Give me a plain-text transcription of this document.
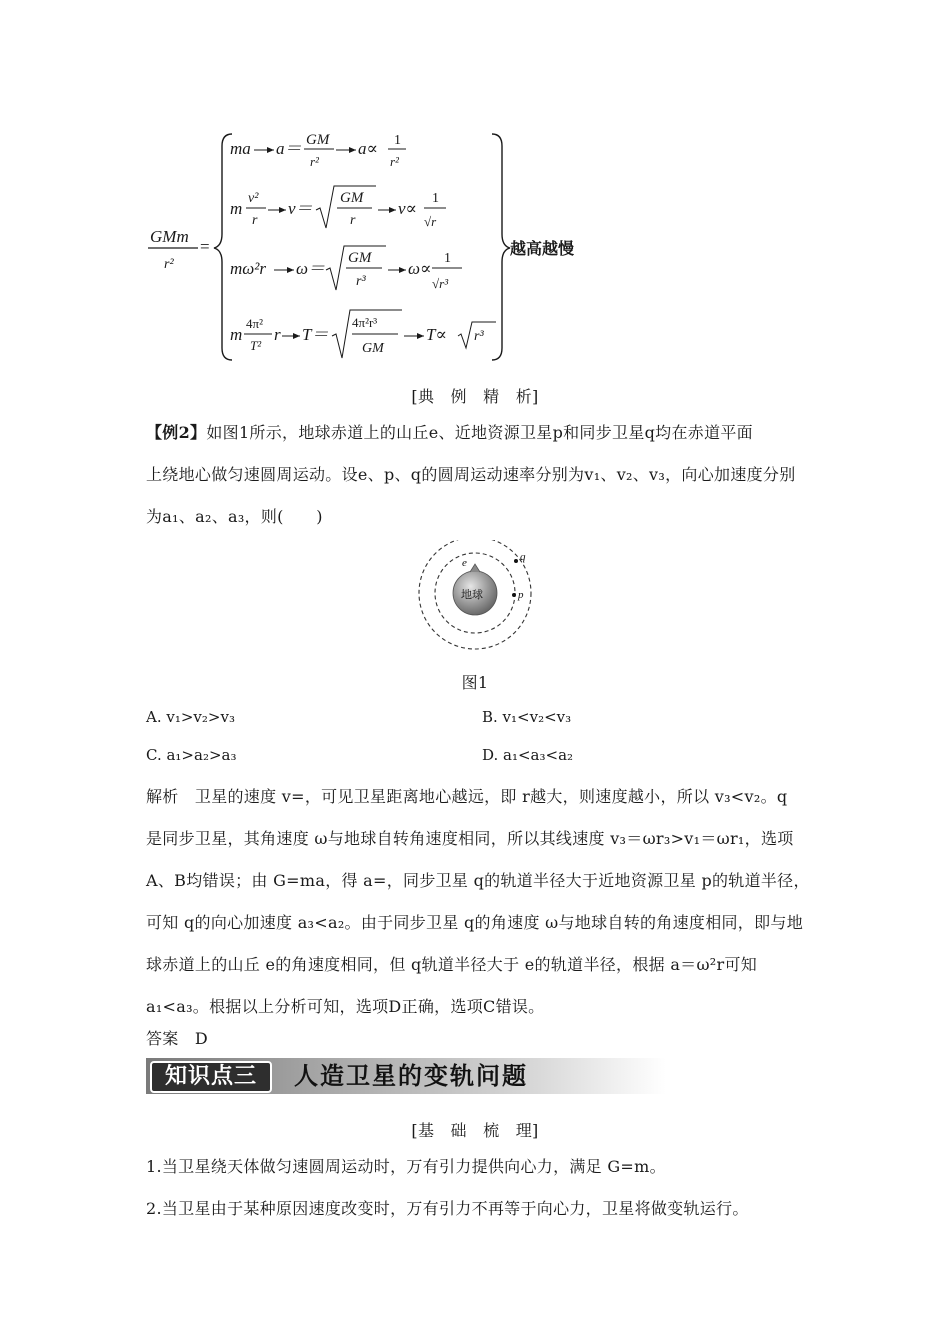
GMm
r²
=
ma a＝ GM
r²
a∝ 1
r²
m
v²
r
v＝
GM
r
v∝
1
√r
mω²r ω＝
GM
r³
ω∝
1
√r³
m
4π²
T²
r T＝
4π²r³
GM
T∝ r³
越高越慢
[典　例　精　析]
【例2】如图1所示，地球赤道上的山丘e、近地资源卫星p和同步卫星q均在赤道平面
上绕地心做匀速圆周运动。设e、p、q的圆周运动速率分别为v₁、v₂、v₃，向心加速度分别
为a₁、a₂、a₃，则(　　)
地球
e
p
q
图1
A. v₁>v₂>v₃	B. v₁<v₂<v₃
C. a₁>a₂>a₃	D. a₁<a₃<a₂
解析　卫星的速度 v=，可见卫星距离地心越远，即 r越大，则速度越小，所以 v₃<v₂。q
是同步卫星，其角速度 ω与地球自转角速度相同，所以其线速度 v₃＝ωr₃>v₁＝ωr₁，选项
A、B均错误；由 G=ma，得 a=，同步卫星 q的轨道半径大于近地资源卫星 p的轨道半径，
可知 q的向心加速度 a₃<a₂。由于同步卫星 q的角速度 ω与地球自转的角速度相同，即与地
球赤道上的山丘 e的角速度相同，但 q轨道半径大于 e的轨道半径，根据 a＝ω²r可知
a₁<a₃。根据以上分析可知，选项D正确，选项C错误。
答案　D
知识点三	人造卫星的变轨问题
[基　础　梳　理]
1.当卫星绕天体做匀速圆周运动时，万有引力提供向心力，满足 G=m。
2.当卫星由于某种原因速度改变时，万有引力不再等于向心力，卫星将做变轨运行。
